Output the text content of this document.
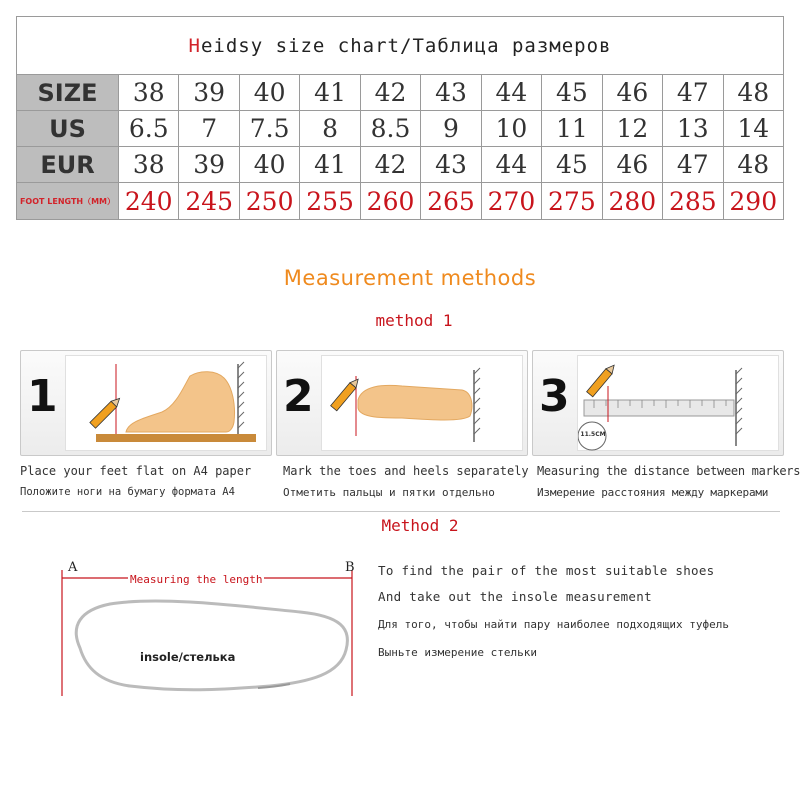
Heidsy size chart/Таблица размеров
SIZE	38	39	40	41	42	43	44	45	46	47	48
US	6.5	7	7.5	8	8.5	9	10	11	12	13	14
EUR	38	39	40	41	42	43	44	45	46	47	48
FOOT LENGTH（MM） 240 245 250 255 260 265 270 275 280 285 290
Measurement methods
method 1
1	2	3
11.5CM
Place your feet flat on A4 paper
Положите ноги на бумагу формата A4
Mark the toes and heels separately
Отметить пальцы и пятки отдельно
Measuring the distance between markers
Измерение расстояния между маркерами
Method 2
A	B
Measuring the length
insole/стелька
To find the pair of the most suitable shoes
And take out the insole measurement
Для того, чтобы найти пару наиболее подходящих туфель
Выньте измерение стельки
